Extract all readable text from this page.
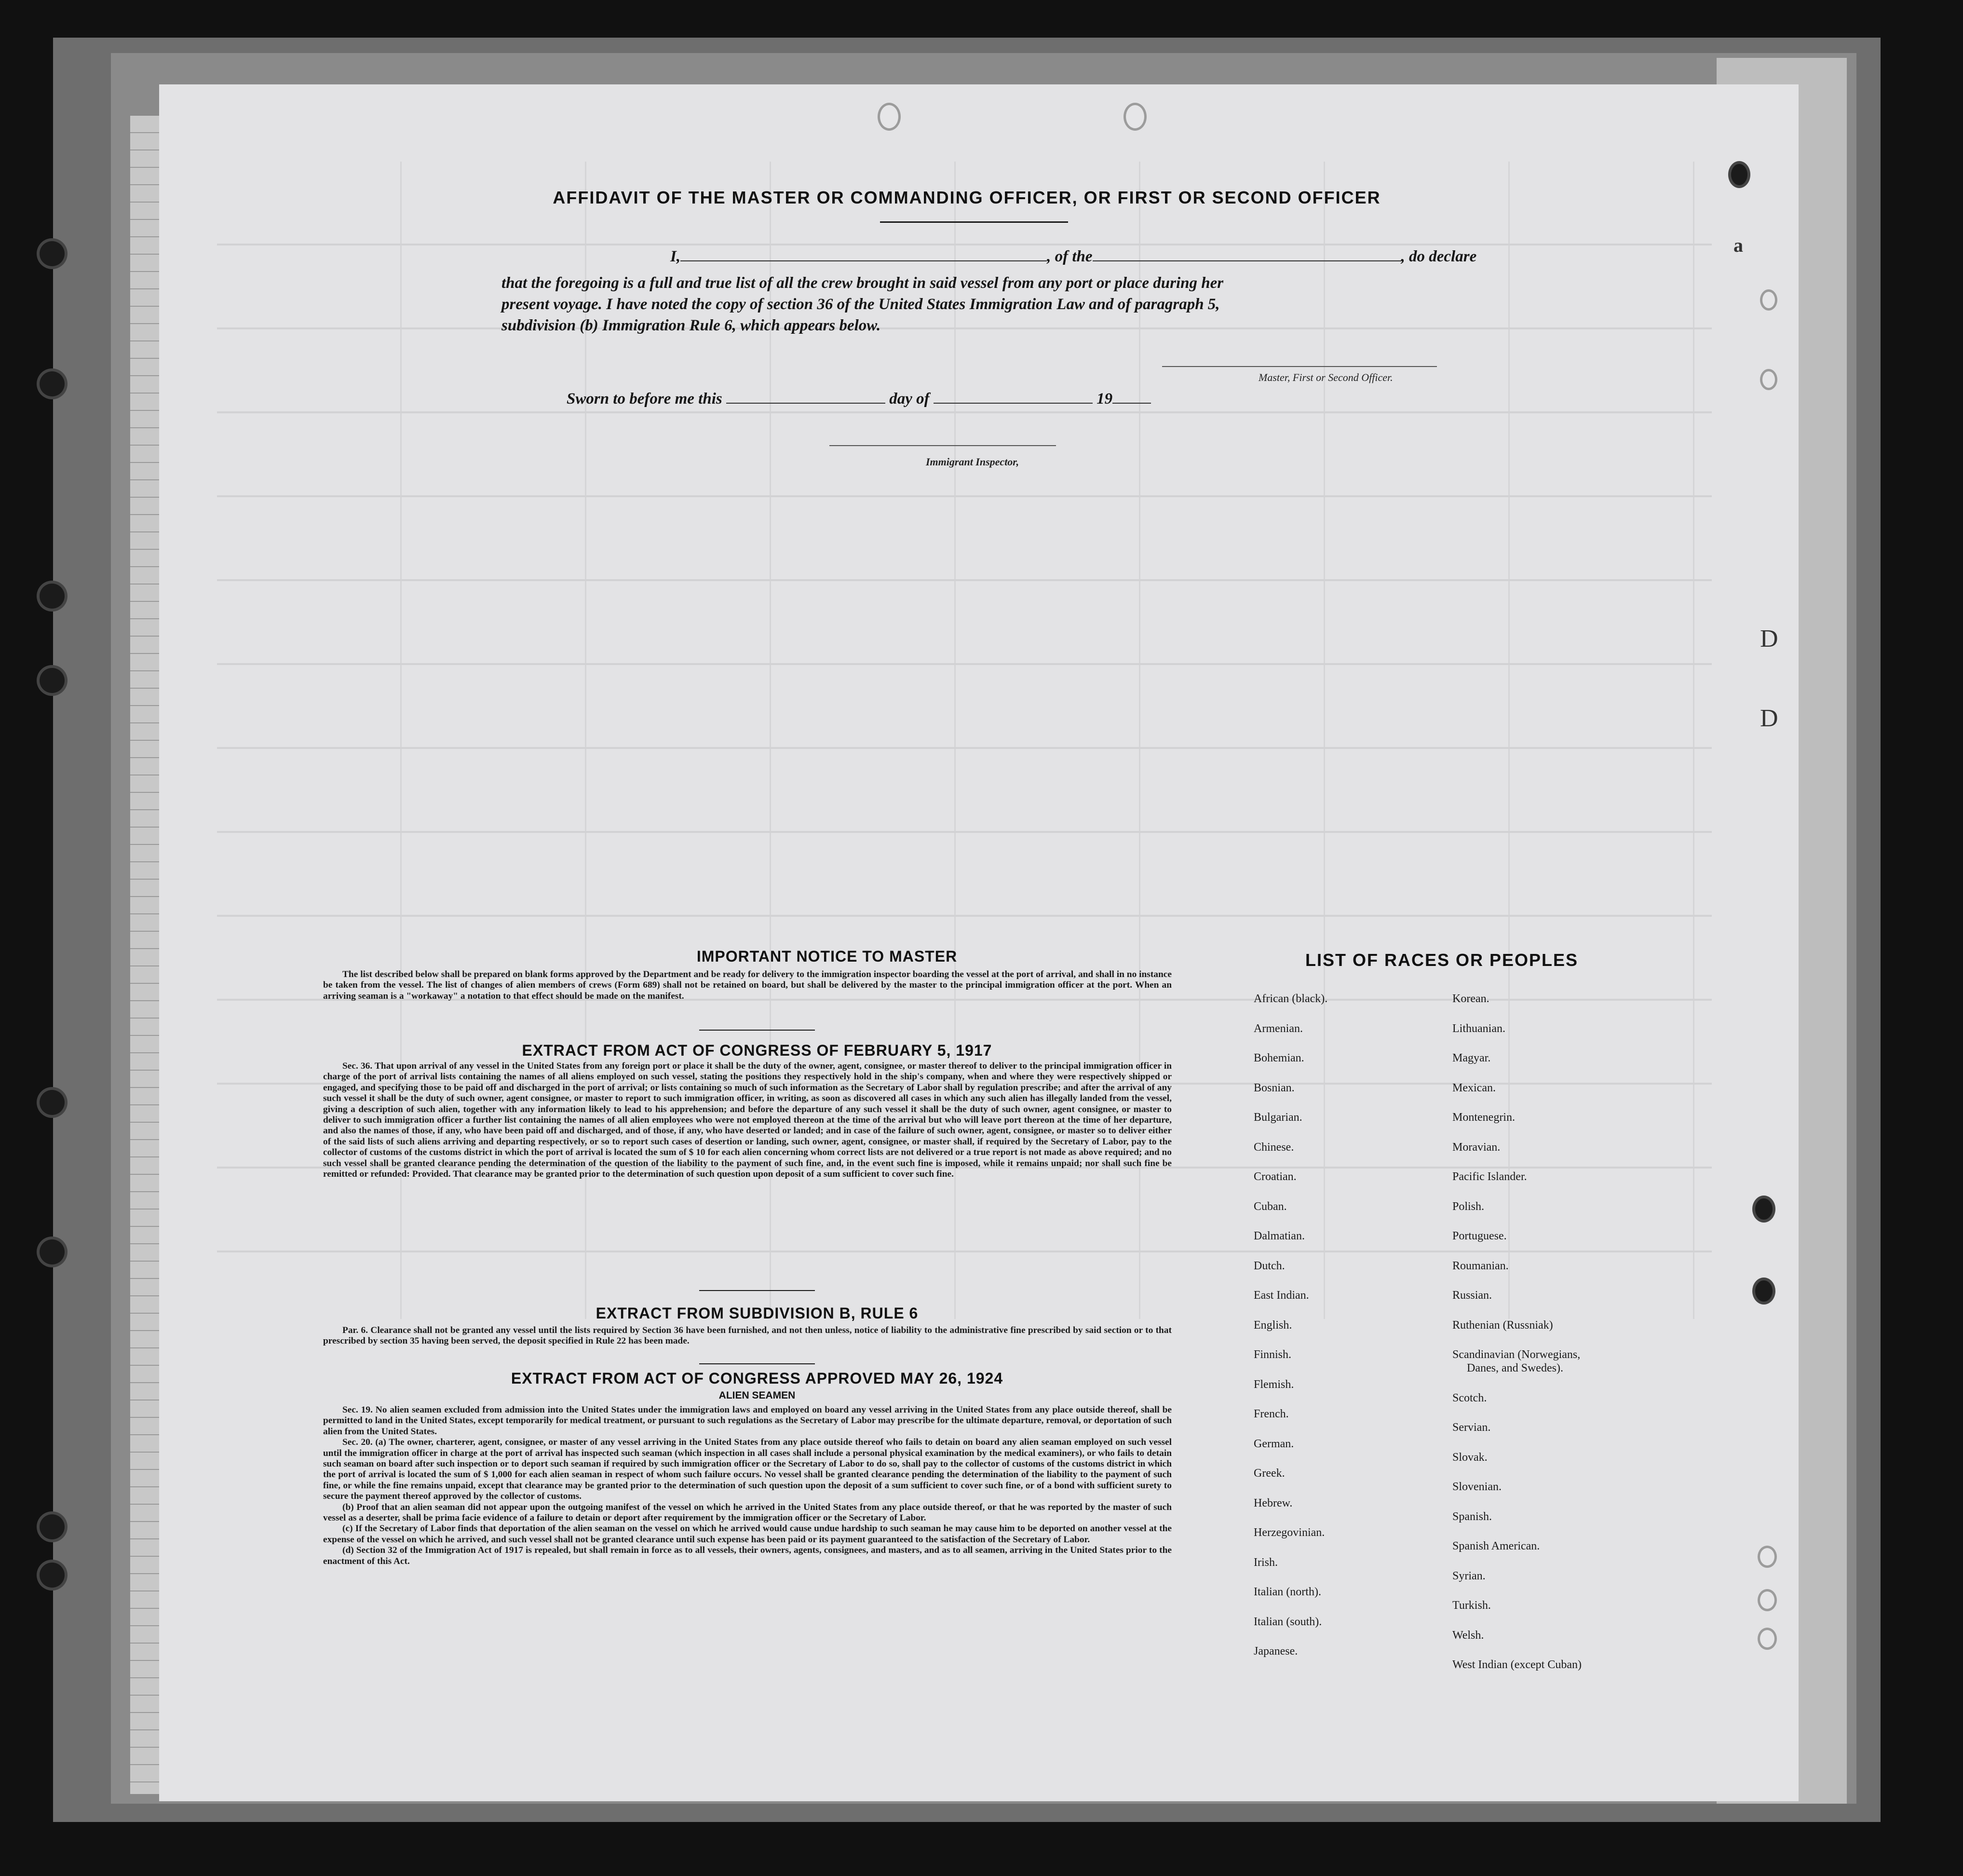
AFFIDAVIT OF THE MASTER OR COMMANDING OFFICER, OR FIRST OR SECOND OFFICER
I,	, of the	, do declare
that the foregoing is a full and true list of all the crew brought in said vessel from any port or place during her
present voyage. I have noted the copy of section 36 of the United States Immigration Law and of paragraph 5,
subdivision (b) Immigration Rule 6, which appears below.
Master, First or Second Officer.
Sworn to before me this	day of	19
Immigrant Inspector,
IMPORTANT NOTICE TO MASTER

The list described below shall be prepared on blank forms approved by the Department and be ready for delivery to the immigration inspector boarding the vessel at the port of arrival, and shall in no instance be taken from the vessel. The list of changes of alien members of crews (Form 689) shall not be retained on board, but shall be delivered by the master to the principal immigration officer at the port. When an arriving seaman is a "workaway" a notation to that effect should be made on the manifest.

EXTRACT FROM ACT OF CONGRESS OF FEBRUARY 5, 1917

Sec. 36. That upon arrival of any vessel in the United States from any foreign port or place it shall be the duty of the owner, agent, consignee, or master thereof to deliver to the principal immigration officer in charge of the port of arrival lists containing the names of all aliens employed on such vessel, stating the positions they respectively hold in the ship's company, when and where they were respectively shipped or engaged, and specifying those to be paid off and discharged in the port of arrival; or lists containing so much of such information as the Secretary of Labor shall by regulation prescribe; and after the arrival of any such vessel it shall be the duty of such owner, agent consignee, or master to report to such immigration officer, in writing, as soon as discovered all cases in which any such alien has illegally landed from the vessel, giving a description of such alien, together with any information likely to lead to his apprehension; and before the departure of any such vessel it shall be the duty of such owner, agent consignee, or master to deliver to such immigration officer a further list containing the names of all alien employees who were not employed thereon at the time of the arrival but who will leave port thereon at the time of her departure, and also the names of those, if any, who have been paid off and discharged, and of those, if any, who have deserted or landed; and in case of the failure of such owner, agent, consignee, or master so to deliver either of the said lists of such aliens arriving and departing respectively, or so to report such cases of desertion or landing, such owner, agent, consignee, or master shall, if required by the Secretary of Labor, pay to the collector of customs of the customs district in which the port of arrival is located the sum of $ 10 for each alien concerning whom correct lists are not delivered or a true report is not made as above required; and no such vessel shall be granted clearance pending the determination of the question of the liability to the payment of such fine, and, in the event such fine is imposed, while it remains unpaid; nor shall such fine be remitted or refunded: Provided. That clearance may be granted prior to the determination of such question upon deposit of a sum sufficient to cover such fine.

EXTRACT FROM SUBDIVISION B, RULE 6

Par. 6. Clearance shall not be granted any vessel until the lists required by Section 36 have been furnished, and not then unless, notice of liability to the administrative fine prescribed by said section or to that prescribed by section 35 having been served, the deposit specified in Rule 22 has been made.

EXTRACT FROM ACT OF CONGRESS APPROVED MAY 26, 1924
ALIEN SEAMEN

Sec. 19. No alien seamen excluded from admission into the United States under the immigration laws and employed on board any vessel arriving in the United States from any place outside thereof, shall be permitted to land in the United States, except temporarily for medical treatment, or pursuant to such regulations as the Secretary of Labor may prescribe for the ultimate departure, removal, or deportation of such alien from the United States.

Sec. 20. (a) The owner, charterer, agent, consignee, or master of any vessel arriving in the United States from any place outside thereof who fails to detain on board any alien seaman employed on such vessel until the immigration officer in charge at the port of arrival has inspected such seaman (which inspection in all cases shall include a personal physical examination by the medical examiners), or who fails to detain such seaman on board after such inspection or to deport such seaman if required by such immigration officer or the Secretary of Labor to do so, shall pay to the collector of customs of the customs district in which the port of arrival is located the sum of $ 1,000 for each alien seaman in respect of whom such failure occurs. No vessel shall be granted clearance pending the determination of the liability to the payment of such fine, or while the fine remains unpaid, except that clearance may be granted prior to the determination of such question upon the deposit of a sum sufficient to cover such fine, or of a bond with sufficient surety to secure the payment thereof approved by the collector of customs.

(b) Proof that an alien seaman did not appear upon the outgoing manifest of the vessel on which he arrived in the United States from any place outside thereof, or that he was reported by the master of such vessel as a deserter, shall be prima facie evidence of a failure to detain or deport after requirement by the immigration officer or the Secretary of Labor.

(c) If the Secretary of Labor finds that deportation of the alien seaman on the vessel on which he arrived would cause undue hardship to such seaman he may cause him to be deported on another vessel at the expense of the vessel on which he arrived, and such vessel shall not be granted clearance until such expense has been paid or its payment guaranteed to the satisfaction of the Secretary of Labor.

(d) Section 32 of the Immigration Act of 1917 is repealed, but shall remain in force as to all vessels, their owners, agents, consignees, and masters, and as to all seamen, arriving in the United States prior to the enactment of this Act.

LIST OF RACES OR PEOPLES
African (black).
Armenian.
Bohemian.
Bosnian.
Bulgarian.
Chinese.
Croatian.
Cuban.
Dalmatian.
Dutch.
East Indian.
English.
Finnish.
Flemish.
French.
German.
Greek.
Hebrew.
Herzegovinian.
Irish.
Italian (north).
Italian (south).
Japanese.
Korean.
Lithuanian.
Magyar.
Mexican.
Montenegrin.
Moravian.
Pacific Islander.
Polish.
Portuguese.
Roumanian.
Russian.
Ruthenian (Russniak)
Scandinavian (Norwegians,
Danes, and Swedes).
Scotch.
Servian.
Slovak.
Slovenian.
Spanish.
Spanish American.
Syrian.
Turkish.
Welsh.
West Indian (except Cuban)
a
D
D
